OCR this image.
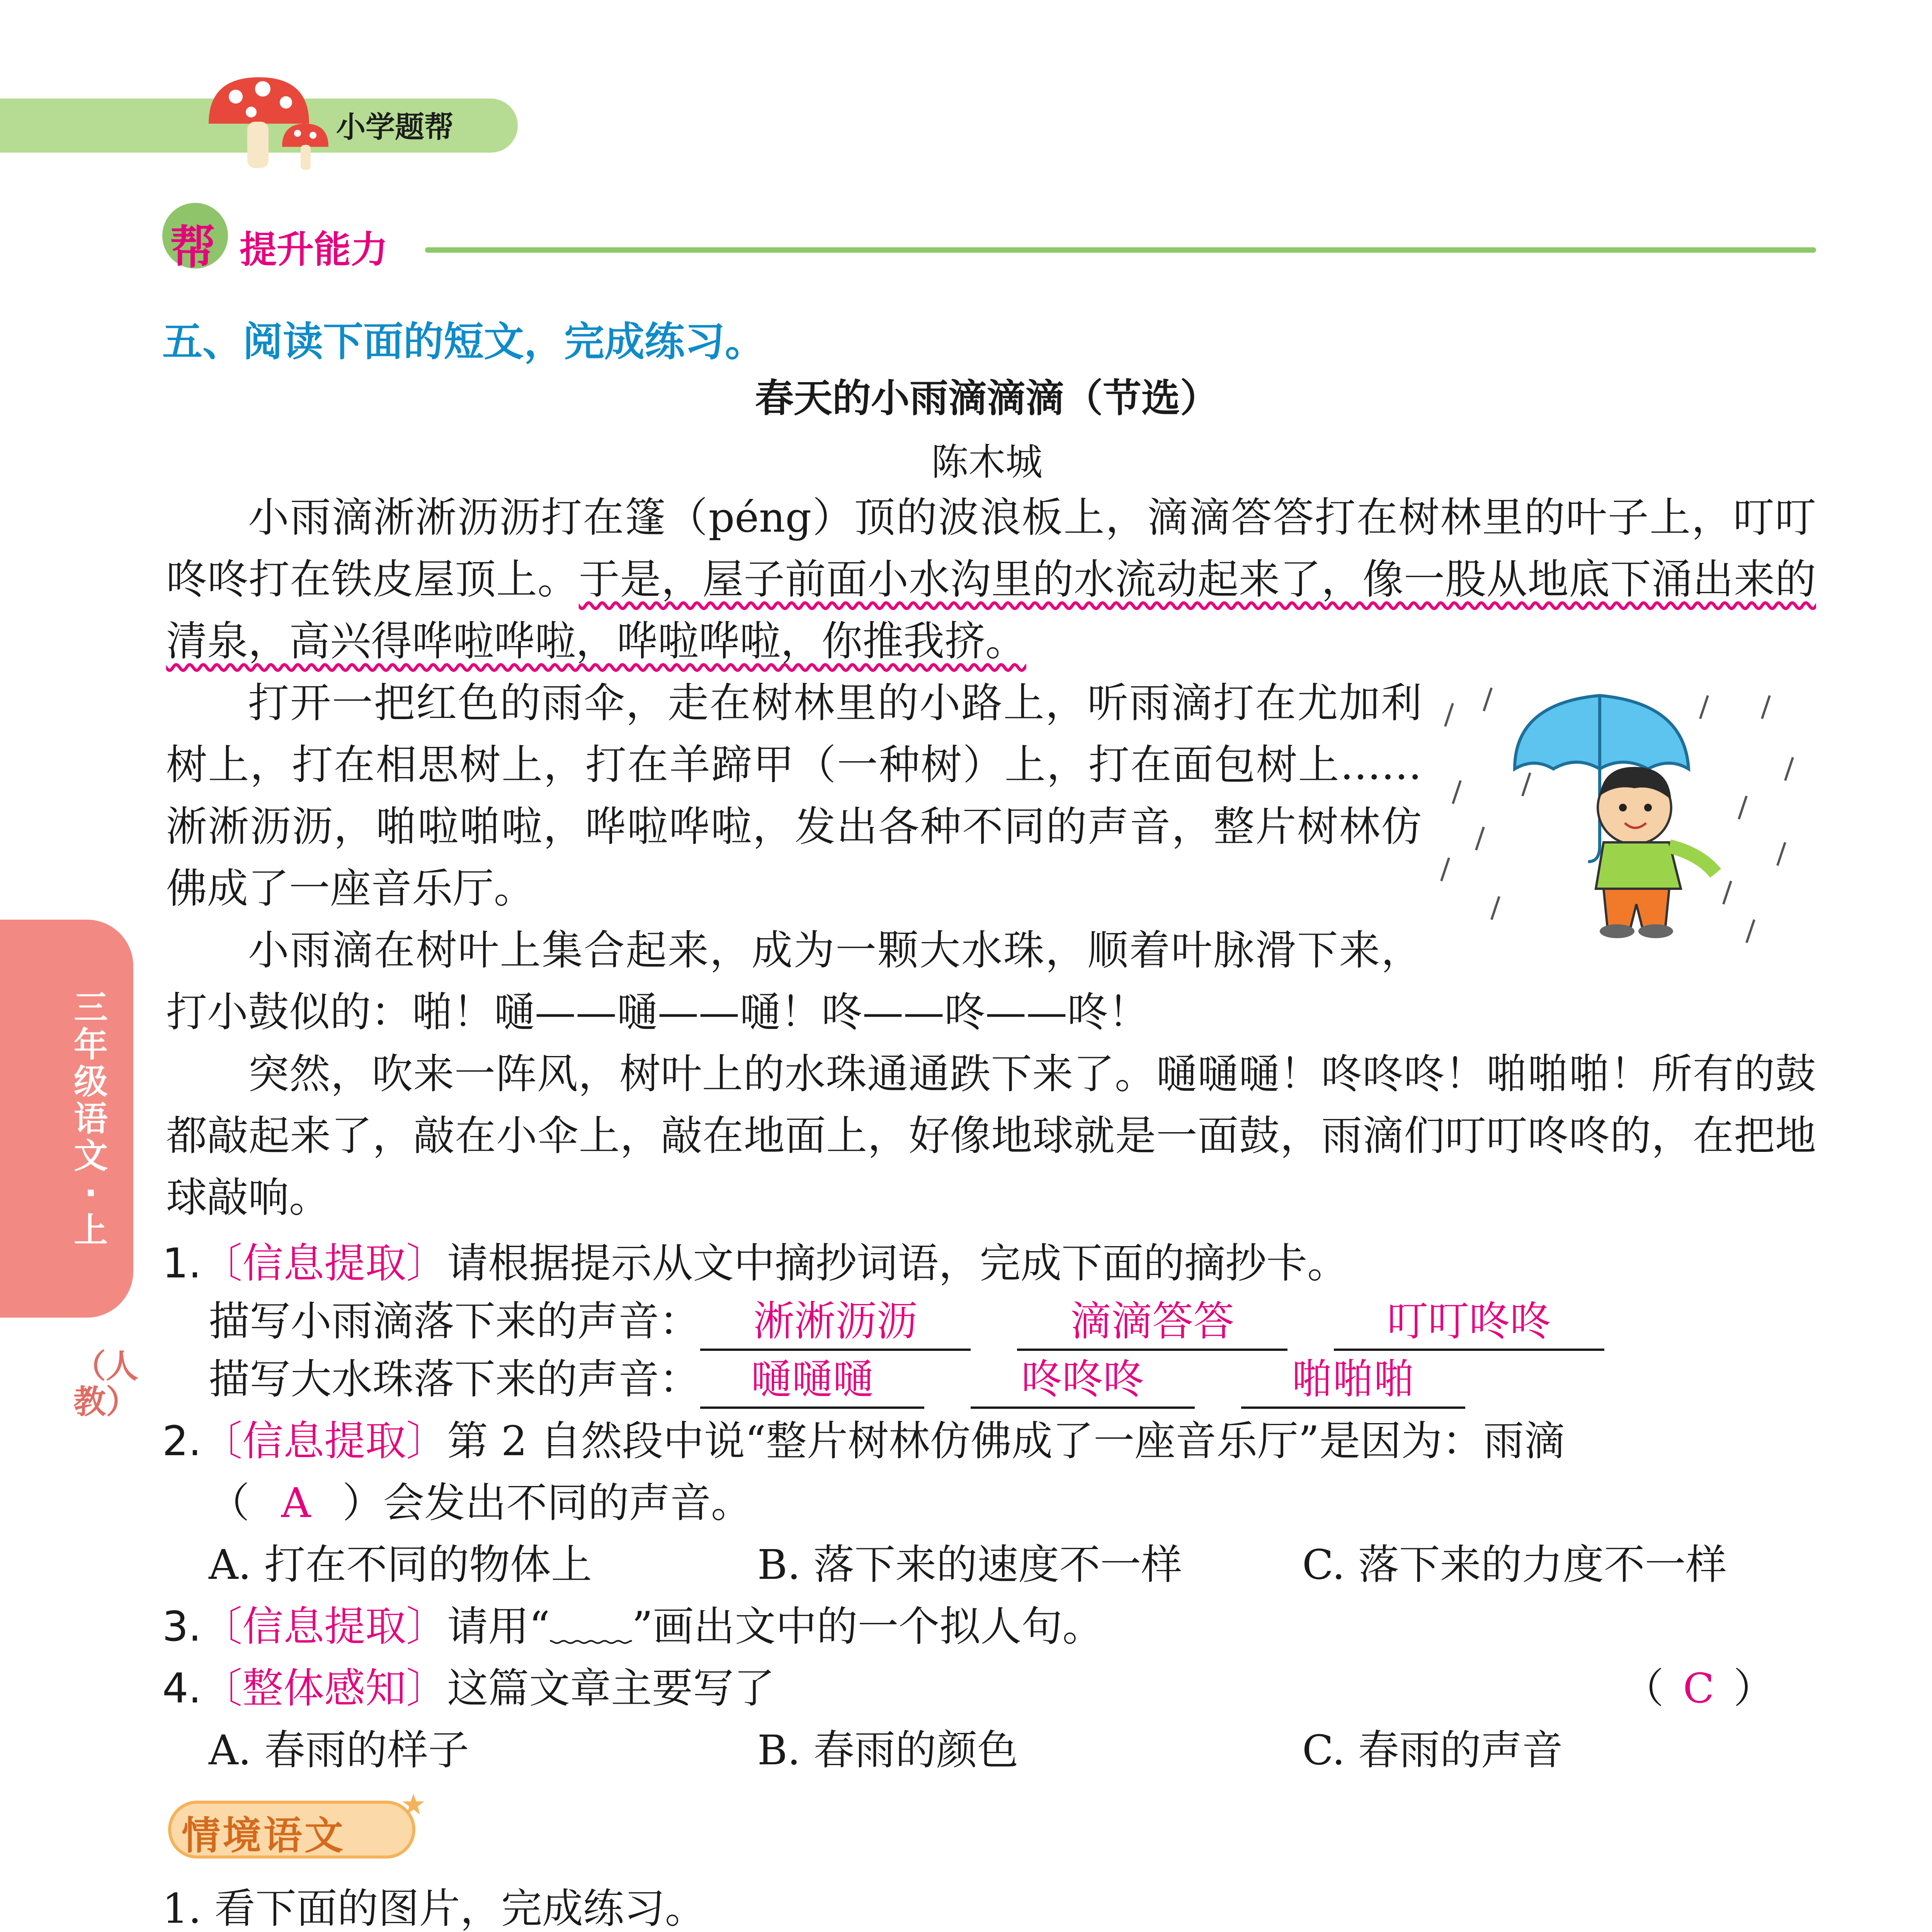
小学题帮
帮 提升能力
五、阅读下面的短文，完成练习。
春天的小雨滴滴滴（节选）
陈木城

小雨滴淅淅沥沥打在篷（péng）顶的波浪板上，滴滴答答打在树林里的叶子上，叮叮咚咚打在铁皮屋顶上。于是，屋子前面小水沟里的水流动起来了，像一股从地底下涌出来的清泉，高兴得哗啦哗啦，哗啦哗啦，你推我挤。

打开一把红色的雨伞，走在树林里的小路上，听雨滴打在尤加利树上，打在相思树上，打在羊蹄甲（一种树）上，打在面包树上……淅淅沥沥，啪啦啪啦，哗啦哗啦，发出各种不同的声音，整片树林仿佛成了一座音乐厅。

小雨滴在树叶上集合起来，成为一颗大水珠，顺着叶脉滑下来，打小鼓似的：啪！嗵——嗵——嗵！咚——咚——咚！

突然，吹来一阵风，树叶上的水珠通通跌下来了。嗵嗵嗵！咚咚咚！啪啪啪！所有的鼓都敲起来了，敲在小伞上，敲在地面上，好像地球就是一面鼓，雨滴们叮叮咚咚的，在把地球敲响。

三年级语文·上
（人教）
1.〔信息提取〕请根据提示从文中摘抄词语，完成下面的摘抄卡。
描写小雨滴落下来的声音： 淅淅沥沥	滴滴答答	叮叮咚咚
描写大水珠落下来的声音： 嗵嗵嗵	咚咚咚	啪啪啪
2.〔信息提取〕第 2 自然段中说“整片树林仿佛成了一座音乐厅”是因为：雨滴
（ A ）会发出不同的声音。
A. 打在不同的物体上	B. 落下来的速度不一样	C. 落下来的力度不一样
3.〔信息提取〕请用“﹏﹏”画出文中的一个拟人句。
4.〔整体感知〕这篇文章主要写了	（ C ）
A. 春雨的样子	B. 春雨的颜色	C. 春雨的声音
情境语文
1. 看下面的图片，完成练习。
